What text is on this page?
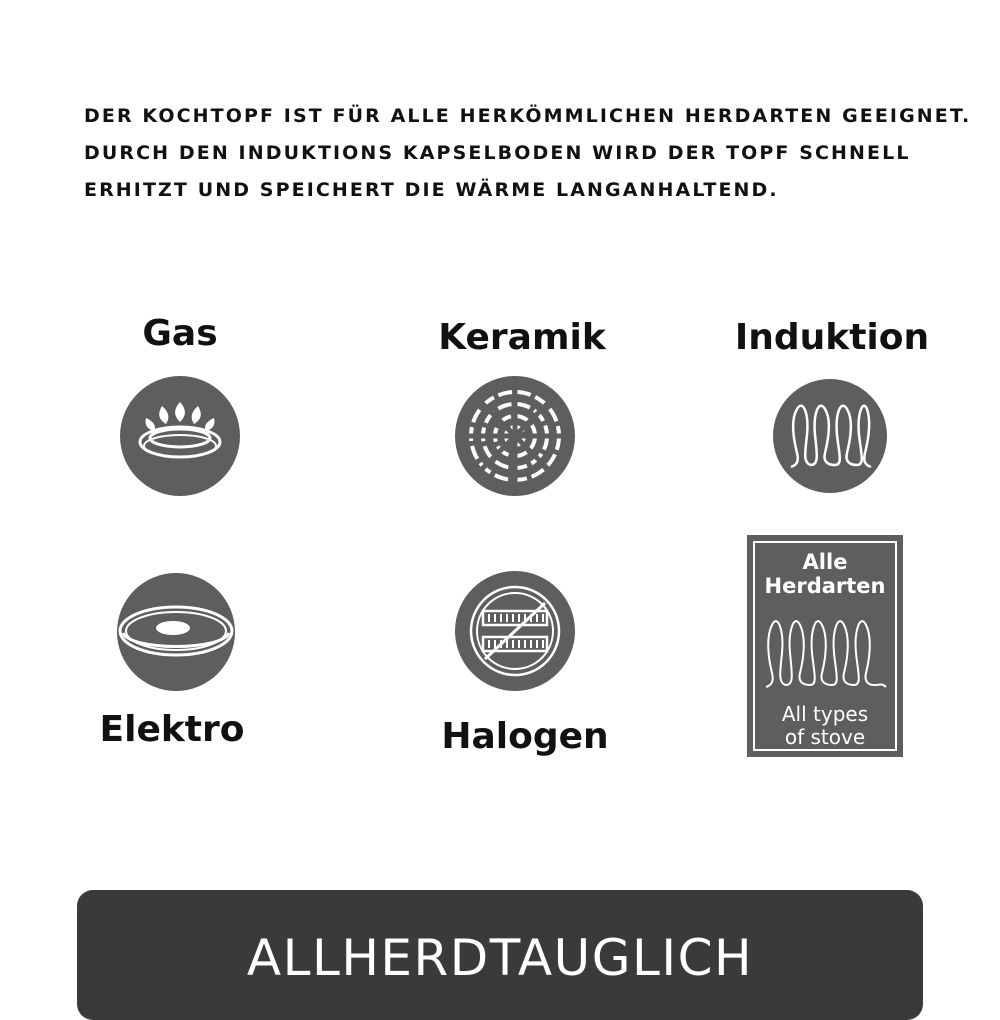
DER KOCHTOPF IST FÜR ALLE HERKÖMMLICHEN HERDARTEN GEEIGNET.
DURCH DEN INDUKTIONS KAPSELBODEN WIRD DER TOPF SCHNELL
ERHITZT UND SPEICHERT DIE WÄRME LANGANHALTEND.
Gas	Keramik	Induktion
Elektro	Halogen
Alle
Herdarten
All types
of stove
ALLHERDTAUGLICH
